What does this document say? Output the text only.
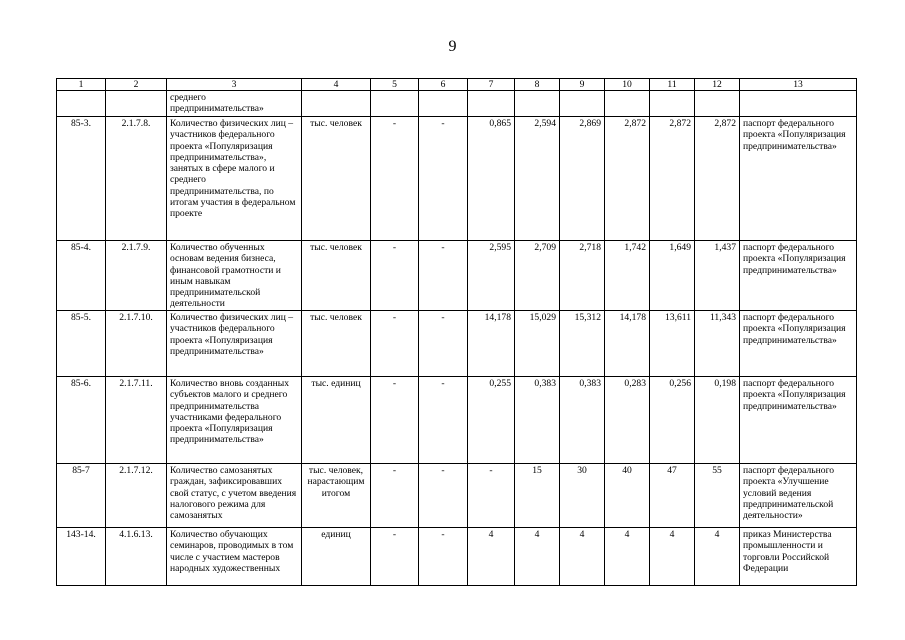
9
1	2	3	4	5	6	7	8	9	10	11	12	13
		среднего предпринимательства»										
85-3.	2.1.7.8.	Количество физических лиц – участников федерального проекта «Популяризация предпринимательства», занятых в сфере малого и среднего предпринимательства, по итогам участия в федеральном проекте	тыс. человек	-	-	0,865	2,594	2,869	2,872	2,872	2,872	паспорт федерального проекта «Популяризация предпринимательства»
85-4.	2.1.7.9.	Количество обученных основам ведения бизнеса, финансовой грамотности и иным навыкам предпринимательской деятельности	тыс. человек	-	-	2,595	2,709	2,718	1,742	1,649	1,437	паспорт федерального проекта «Популяризация предпринимательства»
85-5.	2.1.7.10.	Количество физических лиц – участников федерального проекта «Популяризация предпринимательства»	тыс. человек	-	-	14,178	15,029	15,312	14,178	13,611	11,343	паспорт федерального проекта «Популяризация предпринимательства»
85-6.	2.1.7.11.	Количество вновь созданных субъектов малого и среднего предпринимательства участниками федерального проекта «Популяризация предпринимательства»	тыс. единиц	-	-	0,255	0,383	0,383	0,283	0,256	0,198	паспорт федерального проекта «Популяризация предпринимательства»
85-7	2.1.7.12.	Количество самозанятых граждан, зафиксировавших свой статус, с учетом введения налогового режима для самозанятых	тыс. человек, нарастающим итогом	-	-	-	15	30	40	47	55	паспорт федерального проекта «Улучшение условий ведения предпринимательской деятельности»
143-14.	4.1.6.13.	Количество обучающих семинаров, проводимых в том числе с участием мастеров народных художественных	единиц	-	-	4	4	4	4	4	4	приказ Министерства промышленности и торговли Российской Федерации
